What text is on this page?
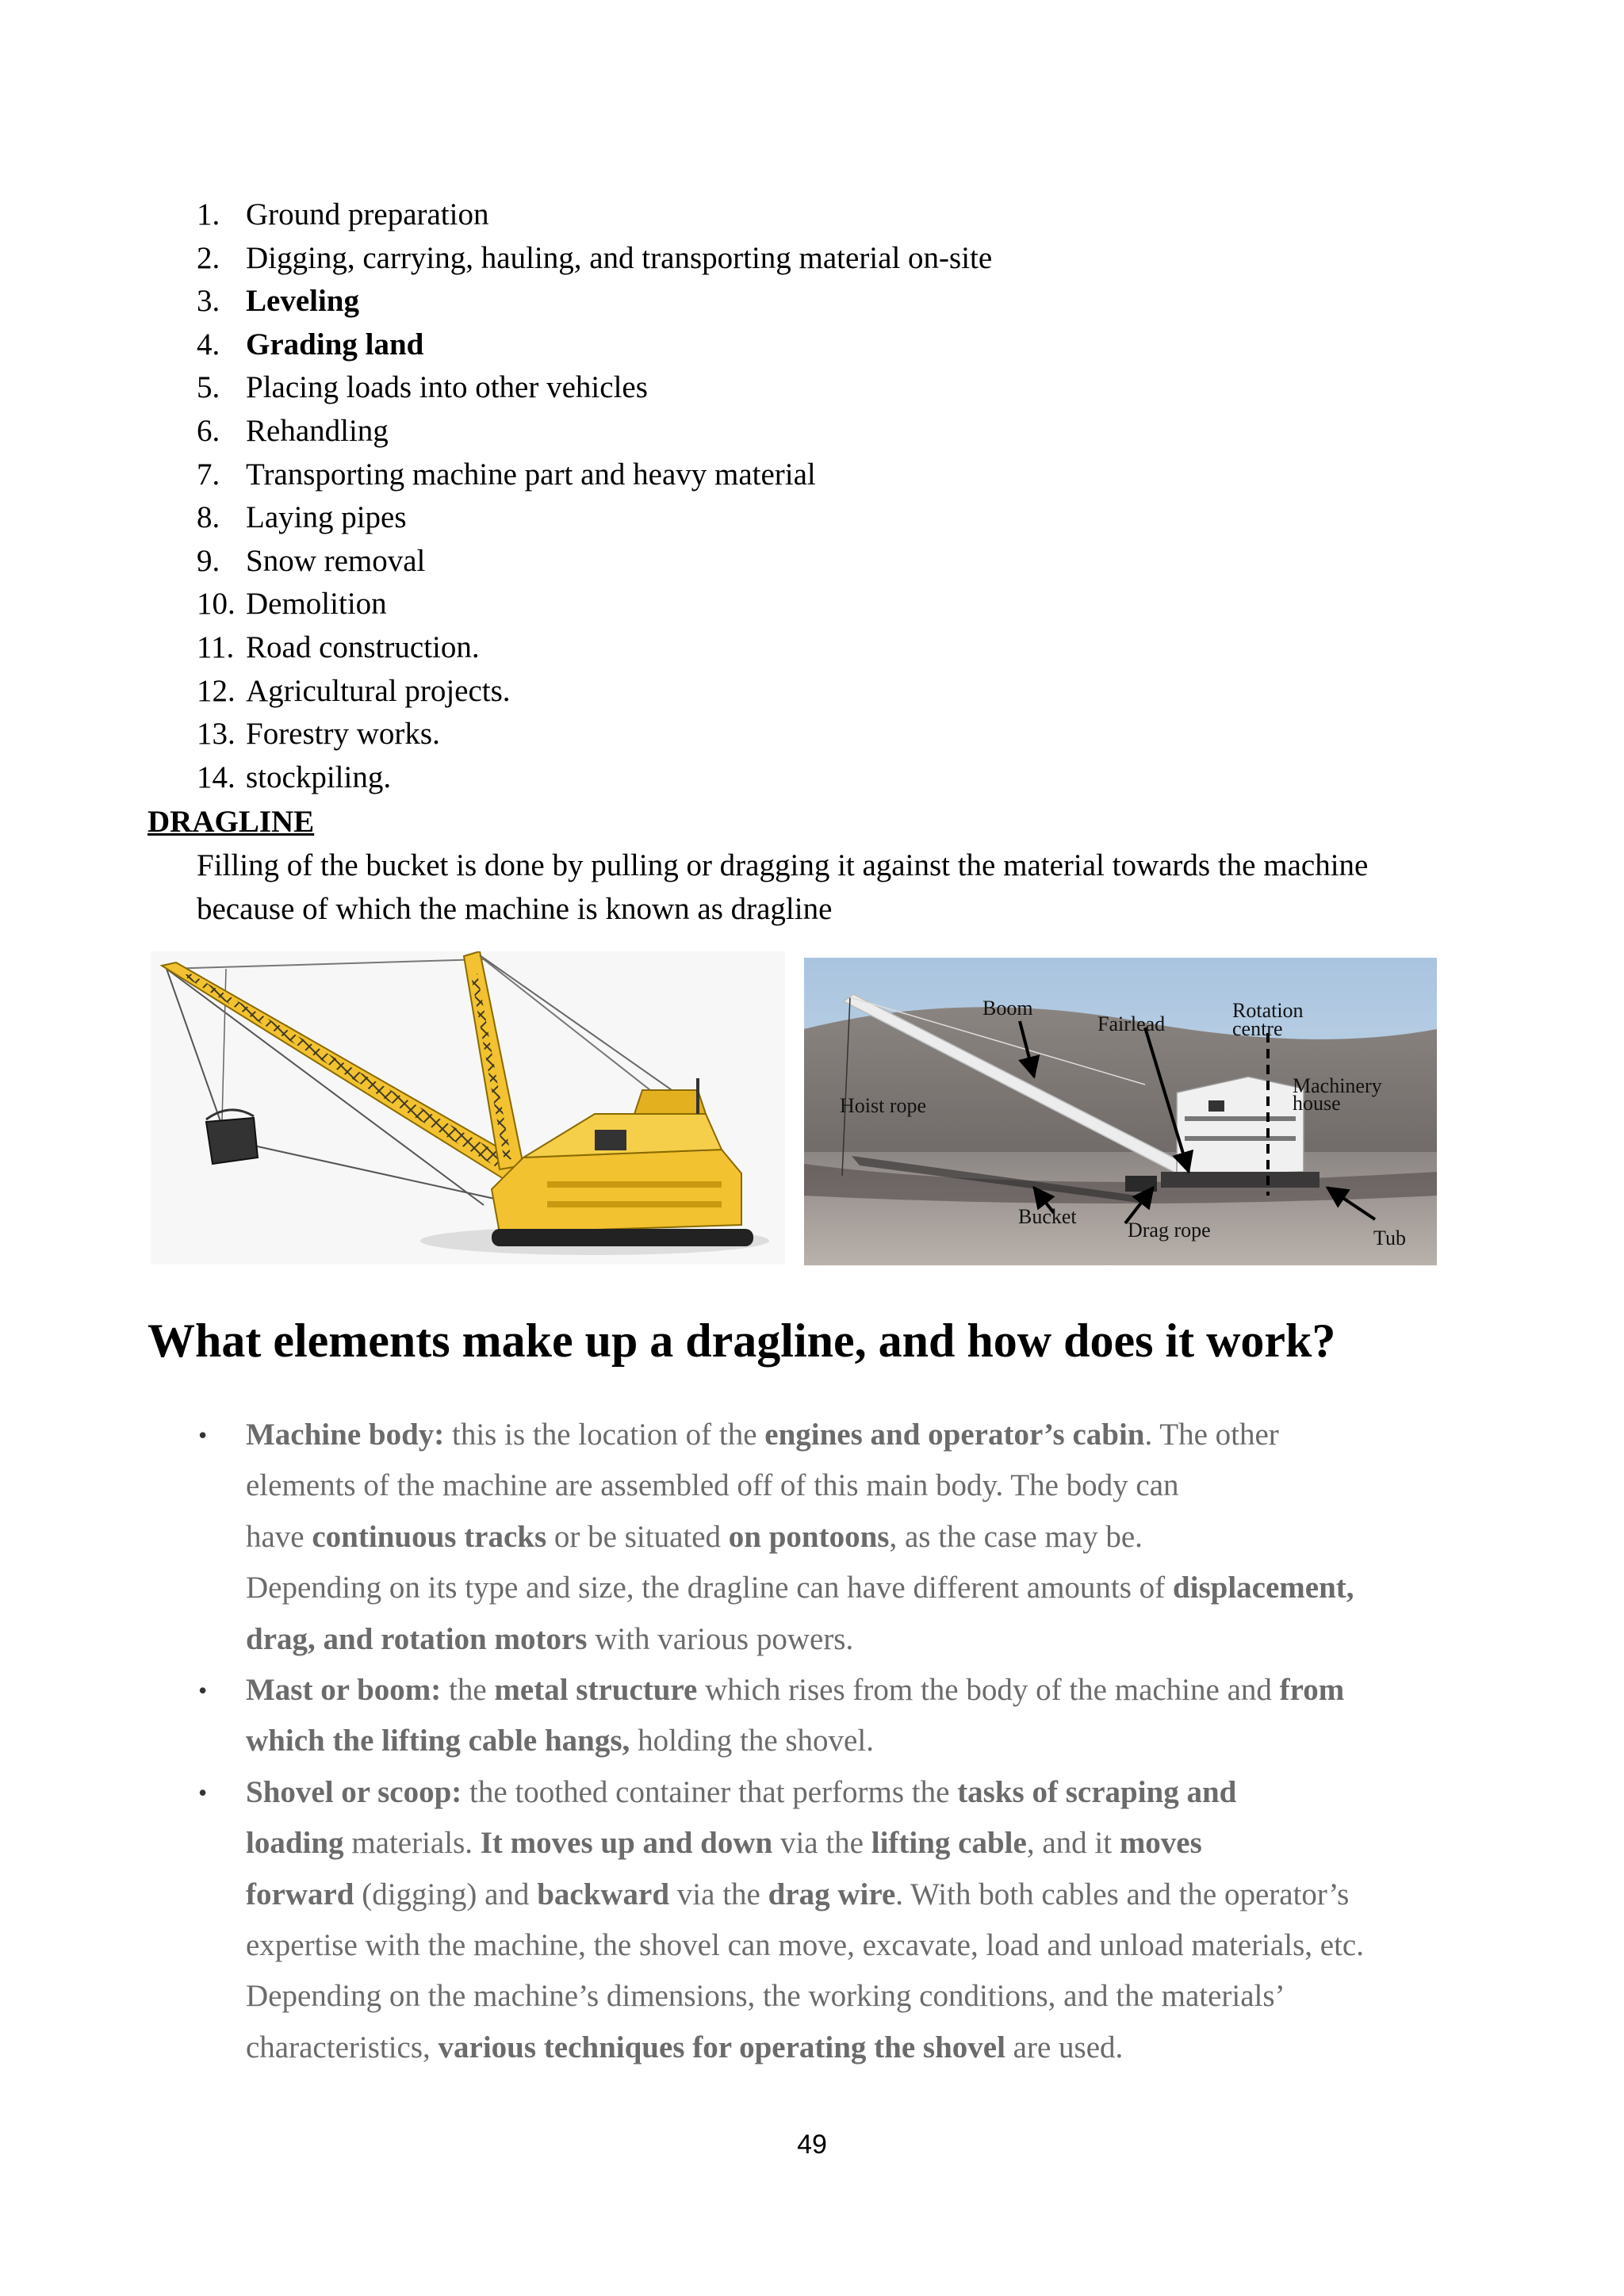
1. Ground preparation
2. Digging, carrying, hauling, and transporting material on-site
3. Leveling
4. Grading land
5. Placing loads into other vehicles
6. Rehandling
7. Transporting machine part and heavy material
8. Laying pipes
9. Snow removal
10. Demolition
11. Road construction.
12. Agricultural projects.
13. Forestry works.
14. stockpiling.
DRAGLINE

Filling of the bucket is done by pulling or dragging it against the material towards the machine because of which the machine is known as dragline

Boom
Fairlead
Rotation
centre
Machinery
house
Hoist rope
Bucket
Drag rope	Tub
What elements make up a dragline, and how does it work?
• Machine body: this is the location of the engines and operator’s cabin. The other
elements of the machine are assembled off of this main body. The body can
have continuous tracks or be situated on pontoons, as the case may be.
Depending on its type and size, the dragline can have different amounts of displacement,
drag, and rotation motors with various powers.
• Mast or boom: the metal structure which rises from the body of the machine and from
which the lifting cable hangs, holding the shovel.
• Shovel or scoop: the toothed container that performs the tasks of scraping and
loading materials. It moves up and down via the lifting cable, and it moves
forward (digging) and backward via the drag wire. With both cables and the operator’s
expertise with the machine, the shovel can move, excavate, load and unload materials, etc.
Depending on the machine’s dimensions, the working conditions, and the materials’
characteristics, various techniques for operating the shovel are used.

49
